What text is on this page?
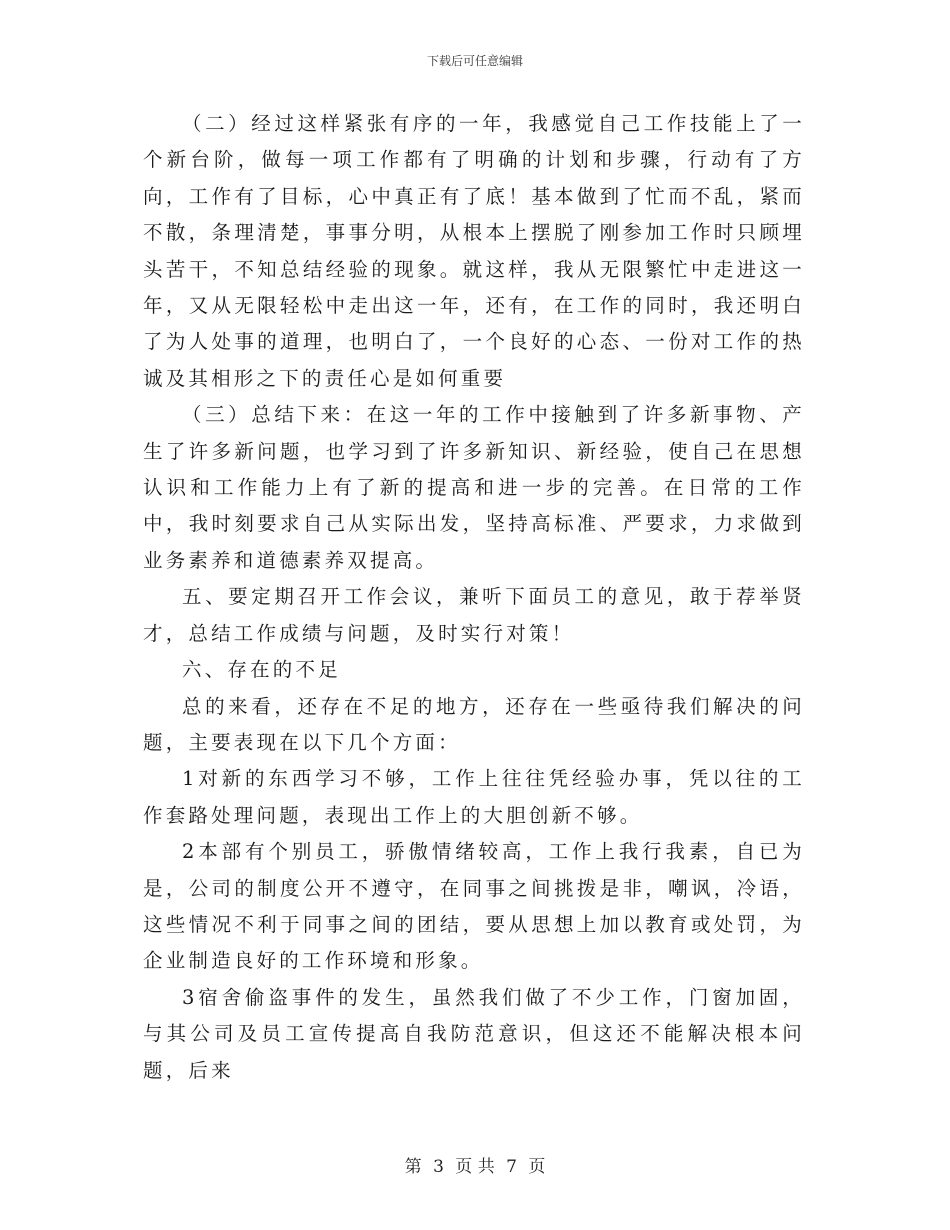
下载后可任意编辑

（二）经过这样紧张有序的一年，我感觉自己工作技能上了一个新台阶，做每一项工作都有了明确的计划和步骤，行动有了方向，工作有了目标，心中真正有了底！基本做到了忙而不乱，紧而不散，条理清楚，事事分明，从根本上摆脱了刚参加工作时只顾埋头苦干，不知总结经验的现象。就这样，我从无限繁忙中走进这一年，又从无限轻松中走出这一年，还有，在工作的同时，我还明白了为人处事的道理，也明白了，一个良好的心态、一份对工作的热诚及其相形之下的责任心是如何重要

（三）总结下来：在这一年的工作中接触到了许多新事物、产生了许多新问题，也学习到了许多新知识、新经验，使自己在思想认识和工作能力上有了新的提高和进一步的完善。在日常的工作中，我时刻要求自己从实际出发，坚持高标准、严要求，力求做到业务素养和道德素养双提高。

五、要定期召开工作会议，兼听下面员工的意见，敢于荐举贤才，总结工作成绩与问题，及时实行对策！

六、存在的不足

总的来看，还存在不足的地方，还存在一些亟待我们解决的问题，主要表现在以下几个方面：

1对新的东西学习不够，工作上往往凭经验办事，凭以往的工作套路处理问题，表现出工作上的大胆创新不够。

2本部有个别员工，骄傲情绪较高，工作上我行我素，自已为是，公司的制度公开不遵守，在同事之间挑拨是非，嘲讽，冷语，这些情况不利于同事之间的团结，要从思想上加以教育或处罚，为企业制造良好的工作环境和形象。

3宿舍偷盗事件的发生，虽然我们做了不少工作，门窗加固，与其公司及员工宣传提高自我防范意识，但这还不能解决根本问题，后来

第 3 页 共 7 页
